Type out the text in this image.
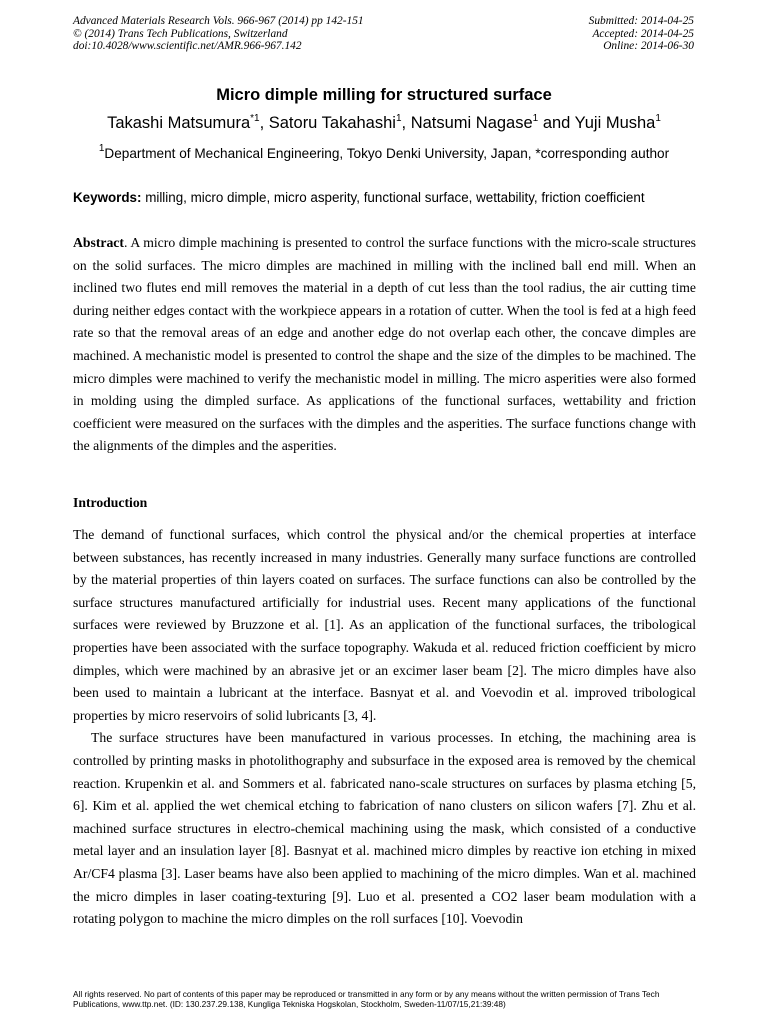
Advanced Materials Research Vols. 966-967 (2014) pp 142-151
© (2014) Trans Tech Publications, Switzerland
doi:10.4028/www.scientific.net/AMR.966-967.142
Submitted: 2014-04-25
Accepted: 2014-04-25
Online: 2014-06-30
Micro dimple milling for structured surface
Takashi Matsumura$^{*1}$, Satoru Takahashi$^1$, Natsumi Nagase$^1$ and Yuji Musha$^1$
$^1$Department of Mechanical Engineering, Tokyo Denki University, Japan, *corresponding author
Keywords: milling, micro dimple, micro asperity, functional surface, wettability, friction coefficient

Abstract. A micro dimple machining is presented to control the surface functions with the micro-scale structures on the solid surfaces. The micro dimples are machined in milling with the inclined ball end mill. When an inclined two flutes end mill removes the material in a depth of cut less than the tool radius, the air cutting time during neither edges contact with the workpiece appears in a rotation of cutter. When the tool is fed at a high feed rate so that the removal areas of an edge and another edge do not overlap each other, the concave dimples are machined. A mechanistic model is presented to control the shape and the size of the dimples to be machined. The micro dimples were machined to verify the mechanistic model in milling. The micro asperities were also formed in molding using the dimpled surface. As applications of the functional surfaces, wettability and friction coefficient were measured on the surfaces with the dimples and the asperities. The surface functions change with the alignments of the dimples and the asperities.

Introduction

The demand of functional surfaces, which control the physical and/or the chemical properties at interface between substances, has recently increased in many industries. Generally many surface functions are controlled by the material properties of thin layers coated on surfaces. The surface functions can also be controlled by the surface structures manufactured artificially for industrial uses. Recent many applications of the functional surfaces were reviewed by Bruzzone et al. [1]. As an application of the functional surfaces, the tribological properties have been associated with the surface topography. Wakuda et al. reduced friction coefficient by micro dimples, which were machined by an abrasive jet or an excimer laser beam [2]. The micro dimples have also been used to maintain a lubricant at the interface. Basnyat et al. and Voevodin et al. improved tribological properties by micro reservoirs of solid lubricants [3, 4].

The surface structures have been manufactured in various processes. In etching, the machining area is controlled by printing masks in photolithography and subsurface in the exposed area is removed by the chemical reaction. Krupenkin et al. and Sommers et al. fabricated nano-scale structures on surfaces by plasma etching [5, 6]. Kim et al. applied the wet chemical etching to fabrication of nano clusters on silicon wafers [7]. Zhu et al. machined surface structures in electro-chemical machining using the mask, which consisted of a conductive metal layer and an insulation layer [8]. Basnyat et al. machined micro dimples by reactive ion etching in mixed Ar/CF4 plasma [3]. Laser beams have also been applied to machining of the micro dimples. Wan et al. machined the micro dimples in laser coating-texturing [9]. Luo et al. presented a CO2 laser beam modulation with a rotating polygon to machine the micro dimples on the roll surfaces [10]. Voevodin

All rights reserved. No part of contents of this paper may be reproduced or transmitted in any form or by any means without the written permission of Trans Tech Publications, www.ttp.net. (ID: 130.237.29.138, Kungliga Tekniska Hogskolan, Stockholm, Sweden-11/07/15,21:39:48)
